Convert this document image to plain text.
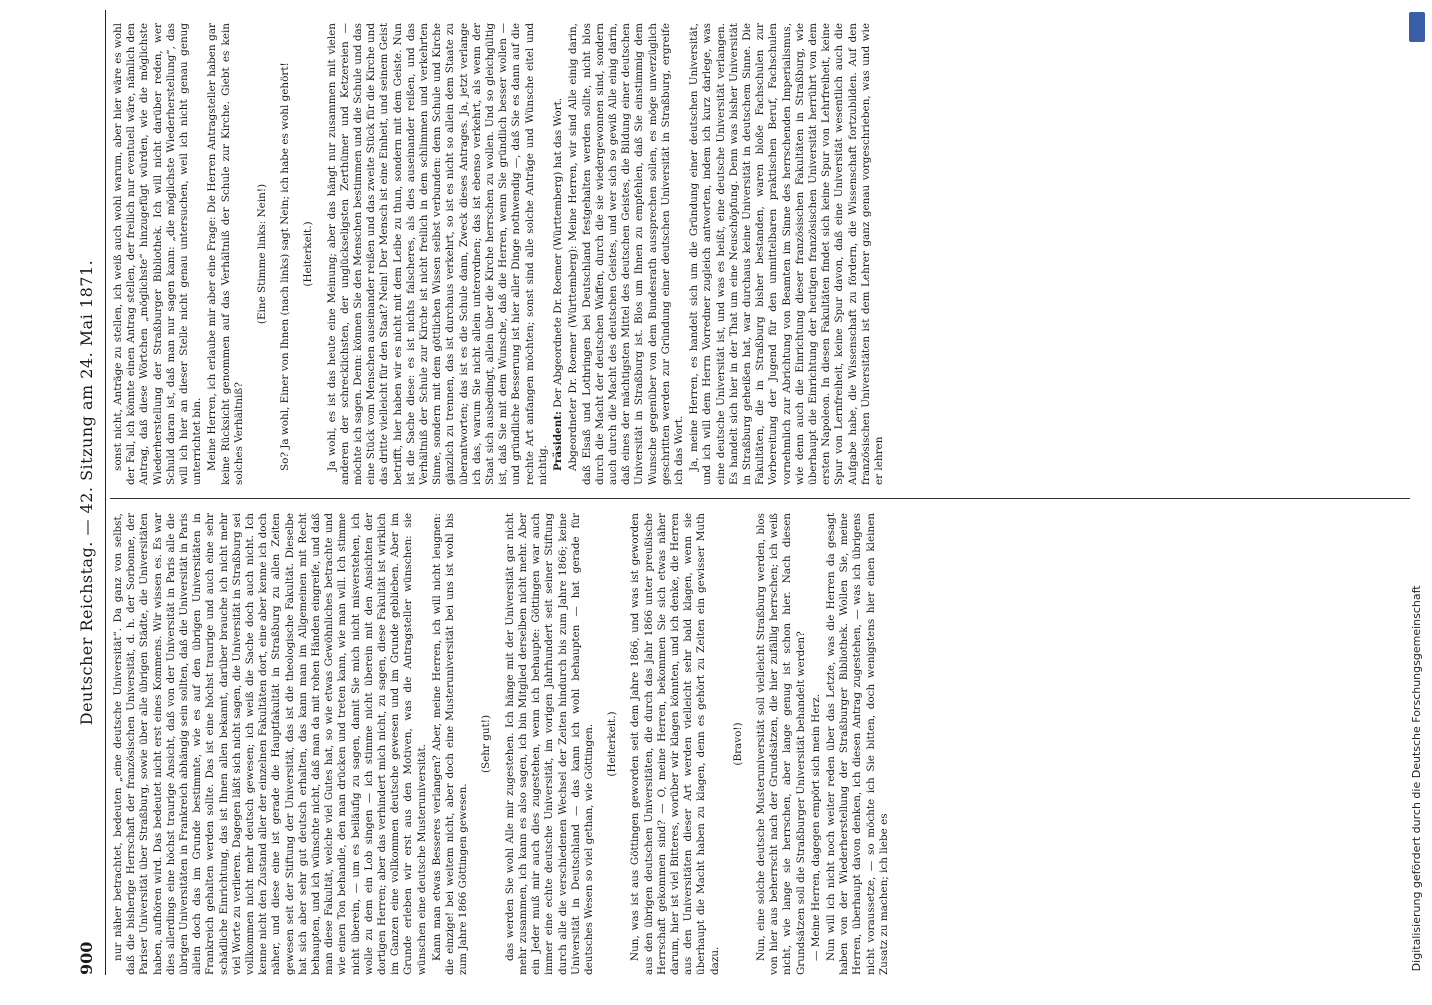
900
Deutscher Reichstag. — 42. Sitzung am 24. Mai 1871.

nur näher betrachtet, bedeuten „eine deutsche Universität“. Da ganz von selbst, daß die bisherige Herrschaft der französischen Universität, d. h. der Sorbonne, der Pariser Universität über Straßburg, sowie über alle übrigen Städte, die Universitäten haben, aufhören wird. Das bedeutet nicht erst eines Kommens. Wir wissen es. Es war dies allerdings eine höchst traurige Ansicht, daß von der Universität in Paris alle die übrigen Universitäten in Frankreich abhängig sein sollten, daß die Universität in Paris allein doch das im Grunde bestimmte, wie es auf den übrigen Universitäten in Frankreich gehalten werden sollte. Das ist eine höchst traurige und auch eine sehr schädliche Einrichtung, das ist Ihnen allen bekannt, darüber brauche ich nicht mehr viel Worte zu verlieren. Dagegen läßt sich nicht sagen, die Universität in Straßburg sei vollkommen nicht mehr deutsch gewesen; ich weiß die Sache doch auch nicht. Ich kenne nicht den Zustand aller der einzelnen Fakultäten dort, eine aber kenne ich doch näher, und diese eine ist gerade die Hauptfakultät in Straßburg zu allen Zeiten gewesen seit der Stiftung der Universität, das ist die theologische Fakultät. Dieselbe hat sich aber sehr gut deutsch erhalten, das kann man im Allgemeinen mit Recht behaupten, und ich wünschte nicht, daß man da mit rohen Händen eingreife, und daß man diese Fakultät, welche viel Gutes hat, so wie etwas Gewöhnliches betrachte und wie einen Ton behandle, den man drücken und treten kann, wie man will. Ich stimme nicht überein, — um es beiläufig zu sagen, damit Sie mich nicht misverstehen, ich wolle zu dem ein Lob singen — ich stimme nicht überein mit den Ansichten der dortigen Herren; aber das verhindert mich nicht, zu sagen, diese Fakultät ist wirklich im Ganzen eine vollkommen deutsche gewesen und im Grunde geblieben. Aber im Grunde erleben wir erst aus den Motiven, was die Antragsteller wünschen: sie wünschen eine deutsche Musteruniversität. Kann man etwas Besseres verlangen? Aber, meine Herren, ich will nicht leugnen: die einzige! bei weitem nicht, aber doch eine Musteruniversität bei uns ist wohl bis zum Jahre 1866 Göttingen gewesen.

(Sehr gut!) das werden Sie wohl Alle mir zugestehen. Ich hänge mit der Universität gar nicht mehr zusammen, ich kann es also sagen, ich bin Mitglied derselben nicht mehr. Aber ein Jeder muß mir auch dies zugestehen, wenn ich behaupte: Göttingen war auch immer eine echte deutsche Universität, im vorigen Jahrhundert seit seiner Stiftung durch alle die verschiedenen Wechsel der Zeiten hindurch bis zum Jahre 1866; keine Universität in Deutschland — das kann ich wohl behaupten — hat gerade für deutsches Wesen so viel gethan, wie Göttingen. (Heiterkeit.) Nun, was ist aus Göttingen geworden seit dem Jahre 1866, und was ist geworden aus den übrigen deutschen Universitäten, die durch das Jahr 1866 unter preußische Herrschaft gekommen sind? — O, meine Herren, bekommen Sie sich etwas näher darum, hier ist viel Bitteres, worüber wir klagen könnten, und ich denke, die Herren aus den Universitäten dieser Art werden vielleicht sehr bald klagen, wenn sie überhaupt die Macht haben zu klagen, denn es gehört zu Zeiten ein gewisser Muth dazu.

(Bravo!) Nun, eine solche deutsche Musteruniversität soll vielleicht Straßburg werden, blos von hier aus beherrscht nach der Grundsätzen, die hier zufällig herrschen; ich weiß nicht, wie lange sie herrschen, aber lange genug ist schon hier. Nach diesen Grundsätzen soll die Straßburger Universität behandelt werden? — Meine Herren, dagegen empört sich mein Herz. Nun will ich nicht noch weiter reden über das Letzte, was die Herren da gesagt haben von der Wiederherstellung der Straßburger Bibliothek. Wollen Sie, meine Herren, überhaupt davon denken, ich diesen Antrag zugestehen, — was ich übrigens nicht voraussetze, — so möchte ich Sie bitten, doch wenigstens hier einen kleinen Zusatz zu machen; ich liebe es

sonst nicht, Anträge zu stellen, ich weiß auch wohl warum, aber hier wäre es wohl der Fall, ich könnte einen Antrag stellen, der freilich nur eventuell wäre, nämlich den Antrag, daß diese Wörtchen „möglichste“ hinzugefügt würden, wie die möglichste Wiederherstellung der Straßburger Bibliothek. Ich will nicht darüber reden, wer Schuld daran ist, daß man nur sagen kann: „die möglichste Wiederherstellung“, das will ich hier an dieser Stelle nicht genau untersuchen, weil ich nicht genau genug unterrichtet bin. Meine Herren, ich erlaube mir aber eine Frage: Die Herren Antragsteller haben gar keine Rücksicht genommen auf das Verhältniß der Schule zur Kirche. Giebt es kein solches Verhältniß?

(Eine Stimme links: Nein!) So? Ja wohl, Einer von Ihnen (nach links) sagt Nein; ich habe es wohl gehört! (Heiterkeit.) Ja wohl, es ist das heute eine Meinung; aber das hängt nur zusammen mit vielen anderen der schrecklichsten, der unglückseligsten Zerthümer und Ketzereien — möchte ich sagen. Denn: können Sie den Menschen bestimmen und die Schule und das eine Stück vom Menschen auseinander reißen und das zweite Stück für die Kirche und das dritte vielleicht für den Staat? Nein! Der Mensch ist eine Einheit, und seinem Geist betrifft, hier haben wir es nicht mit dem Leibe zu thun, sondern mit dem Geiste. Nun ist die Sache diese: es ist nichts falscheres, als dies auseinander reißen, und das Verhältniß der Schule zur Kirche ist nicht freilich in dem schlimmen und verkehrten Sinne, sondern mit dem göttlichen Wissen selbst verbunden: denn Schule und Kirche gänzlich zu trennen, das ist durchaus verkehrt, so ist es nicht so allein dem Staate zu überantworten; das ist es die Schule dann, Zweck dieses Antrages. Ja, jetzt verlange ich das, warum Sie nicht allein unterordnen; das ist ebenso verkehrt, als wenn der Staat sich ausbedingt, allein über die Kirche herrschen zu wollen. Und so gleichgültig ist, daß Sie mit dem Wunsche, daß die Herren, wenn Sie gründlich besser wollen — und gründliche Besserung ist hier aller Dinge nothwendig —, daß Sie es dann auf die rechte Art anfangen möchten; sonst sind alle solche Anträge und Wünsche eitel und nichtig. Präsident: Der Abgeordnete Dr. Roemer (Württemberg) hat das Wort. Abgeordneter Dr. Roemer (Württemberg): Meine Herren, wir sind Alle einig darin, daß Elsaß und Lothringen bei Deutschland festgehalten werden sollte, nicht blos durch die Macht der deutschen Waffen, durch die sie wiedergewonnen sind, sondern auch durch die Macht des deutschen Geistes, und wer sich so gewiß Alle einig darin, daß eines der mächtigsten Mittel des deutschen Geistes, die Bildung einer deutschen Universität in Straßburg ist. Blos um Ihnen zu empfehlen, daß Sie einstimmig dem Wunsche gegenüber von dem Bundesrath aussprechen sollen, es möge unverzüglich geschritten werden zur Gründung einer deutschen Universität in Straßburg, ergreife ich das Wort. Ja, meine Herren, es handelt sich um die Gründung einer deutschen Universität, und ich will dem Herrn Vorredner zugleich antworten, indem ich kurz darlege, was eine deutsche Universität ist, und was es heißt, eine deutsche Universität verlangen. Es handelt sich hier in der That um eine Neuschöpfung. Denn was bisher Universität in Straßburg geheißen hat, war durchaus keine Universität in deutschem Sinne. Die Fakultäten, die in Straßburg bisher bestanden, waren bloße Fachschulen zur Vorbereitung der Jugend für den unmittelbaren praktischen Beruf, Fachschulen vornehmlich zur Abrichtung von Beamten im Sinne des herrschenden Imperialismus, wie denn auch die Einrichtung dieser französischen Fakultäten in Straßburg, wie überhaupt die Einrichtung der heutigen französischen Universität herrührt von dem ersten Napoleon. In diesen Fakultäten findet sich keine Spur von Lehrfreiheit, keine Spur von Lernfreiheit, keine Spur davon, daß eine Universität wesentlich auch die Aufgabe habe, die Wissenschaft zu fördern, die Wissenschaft fortzubilden. Auf den französischen Universitäten ist dem Lehrer ganz genau vorgeschrieben, was und wie er lehren

DFGDigitalisierung gefördert durch die Deutsche Forschungsgemeinschaft
